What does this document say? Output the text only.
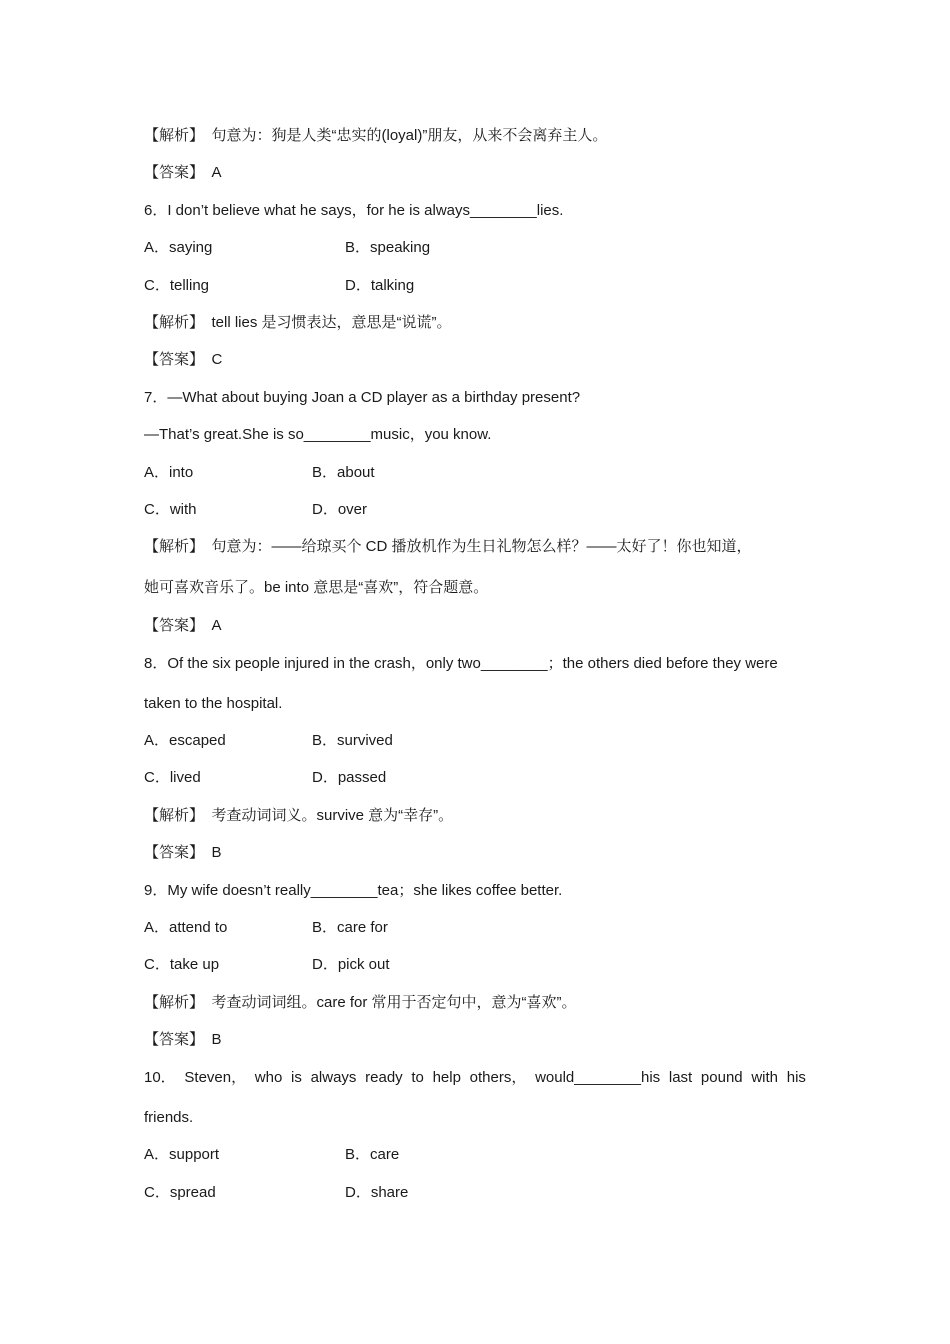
【解析】　句意为：狗是人类“忠实的(loyal)”朋友，从来不会离弃主人。
【答案】　A
6．I don’t believe what he says，for he is always________lies.
A．saying	B．speaking
C．telling	D．talking
【解析】　tell lies 是习惯表达，意思是“说谎”。
【答案】　C
7．—What about buying Joan a CD player as a birthday present?
—That’s great.She is so________music，you know.
A．into	B．about
C．with	D．over
【解析】　句意为：——给琼买个 CD 播放机作为生日礼物怎么样？——太好了！你也知道，
她可喜欢音乐了。be into 意思是“喜欢”，符合题意。
【答案】　A
8．Of the six people injured in the crash，only two________；the others died before they were
taken to the hospital.
A．escaped	B．survived
C．lived	D．passed
【解析】　考查动词词义。survive 意为“幸存”。
【答案】　B
9．My wife doesn’t really________tea；she likes coffee better.
A．attend to	B．care for
C．take up	D．pick out
【解析】　考查动词词组。care for 常用于否定句中，意为“喜欢”。
【答案】　B
10． Steven， who is always ready to help others， would________his last pound with his
friends.
A．support	B．care
C．spread	D．share
